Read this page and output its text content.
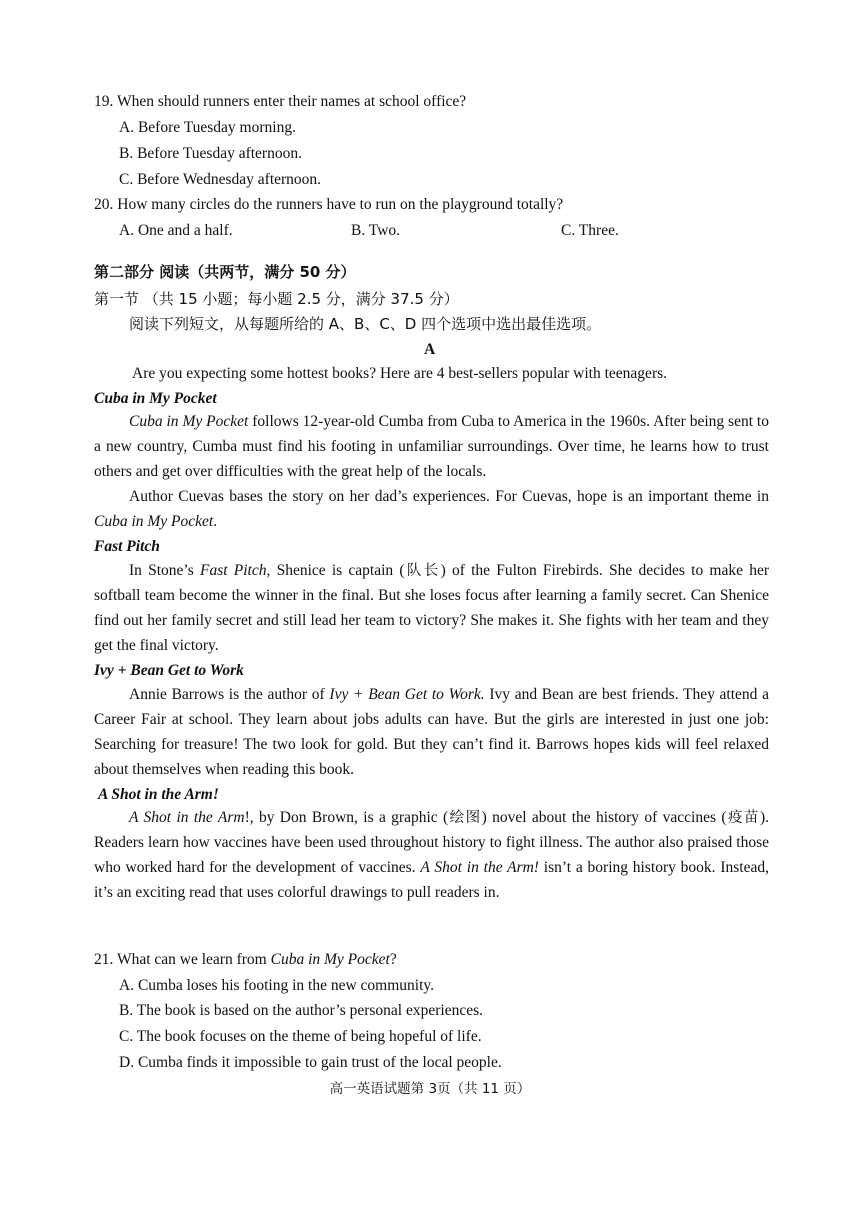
19. When should runners enter their names at school office?
A. Before Tuesday morning.
B. Before Tuesday afternoon.
C. Before Wednesday afternoon.
20. How many circles do the runners have to run on the playground totally?
A. One and a half.	B. Two.	C. Three.
第二部分 阅读（共两节，满分 50 分）
第一节 （共 15 小题；每小题 2.5 分，满分 37.5 分）
阅读下列短文，从每题所给的 A、B、C、D 四个选项中选出最佳选项。
A
Are you expecting some hottest books? Here are 4 best-sellers popular with teenagers.
Cuba in My Pocket

Cuba in My Pocket follows 12-year-old Cumba from Cuba to America in the 1960s. After being sent to a new country, Cumba must find his footing in unfamiliar surroundings. Over time, he learns how to trust others and get over difficulties with the great help of the locals.

Author Cuevas bases the story on her dad’s experiences. For Cuevas, hope is an important theme in Cuba in My Pocket.

Fast Pitch

In Stone’s Fast Pitch, Shenice is captain (队长) of the Fulton Firebirds. She decides to make her softball team become the winner in the final. But she loses focus after learning a family secret. Can Shenice find out her family secret and still lead her team to victory? She makes it. She fights with her team and they get the final victory.

Ivy + Bean Get to Work

Annie Barrows is the author of Ivy + Bean Get to Work. Ivy and Bean are best friends. They attend a Career Fair at school. They learn about jobs adults can have. But the girls are interested in just one job: Searching for treasure! The two look for gold. But they can’t find it. Barrows hopes kids will feel relaxed about themselves when reading this book.

A Shot in the Arm!

A Shot in the Arm!, by Don Brown, is a graphic (绘图) novel about the history of vaccines (疫苗). Readers learn how vaccines have been used throughout history to fight illness. The author also praised those who worked hard for the development of vaccines. A Shot in the Arm! isn’t a boring history book. Instead, it’s an exciting read that uses colorful drawings to pull readers in.

21. What can we learn from Cuba in My Pocket?
A. Cumba loses his footing in the new community.
B. The book is based on the author’s personal experiences.
C. The book focuses on the theme of being hopeful of life.
D. Cumba finds it impossible to gain trust of the local people.
高一英语试题第 3页（共 11 页）
